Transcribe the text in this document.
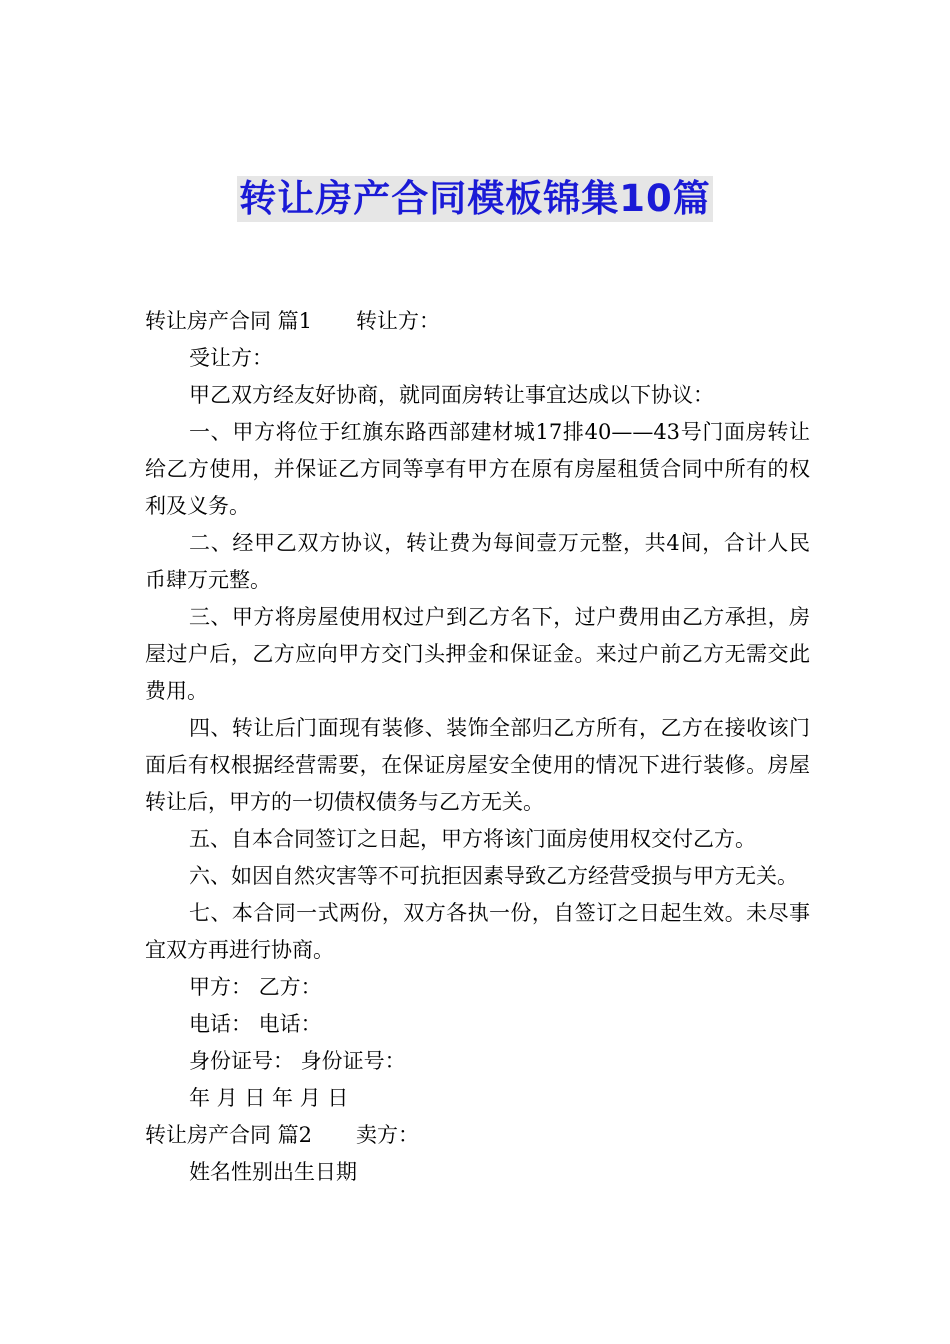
转让房产合同模板锦集10篇

转让房产合同 篇1 转让方：

受让方：

甲乙双方经友好协商，就同面房转让事宜达成以下协议：

一、甲方将位于红旗东路西部建材城17排40——43号门面房转让给乙方使用，并保证乙方同等享有甲方在原有房屋租赁合同中所有的权利及义务。

二、经甲乙双方协议，转让费为每间壹万元整，共4间，合计人民币肆万元整。

三、甲方将房屋使用权过户到乙方名下，过户费用由乙方承担，房屋过户后，乙方应向甲方交门头押金和保证金。来过户前乙方无需交此费用。

四、转让后门面现有装修、装饰全部归乙方所有，乙方在接收该门面后有权根据经营需要，在保证房屋安全使用的情况下进行装修。房屋转让后，甲方的一切债权债务与乙方无关。

五、自本合同签订之日起，甲方将该门面房使用权交付乙方。

六、如因自然灾害等不可抗拒因素导致乙方经营受损与甲方无关。

七、本合同一式两份，双方各执一份，自签订之日起生效。未尽事宜双方再进行协商。

甲方： 乙方：

电话： 电话：

身份证号： 身份证号：

年 月 日 年 月 日

转让房产合同 篇2 卖方：

姓名性别出生日期
